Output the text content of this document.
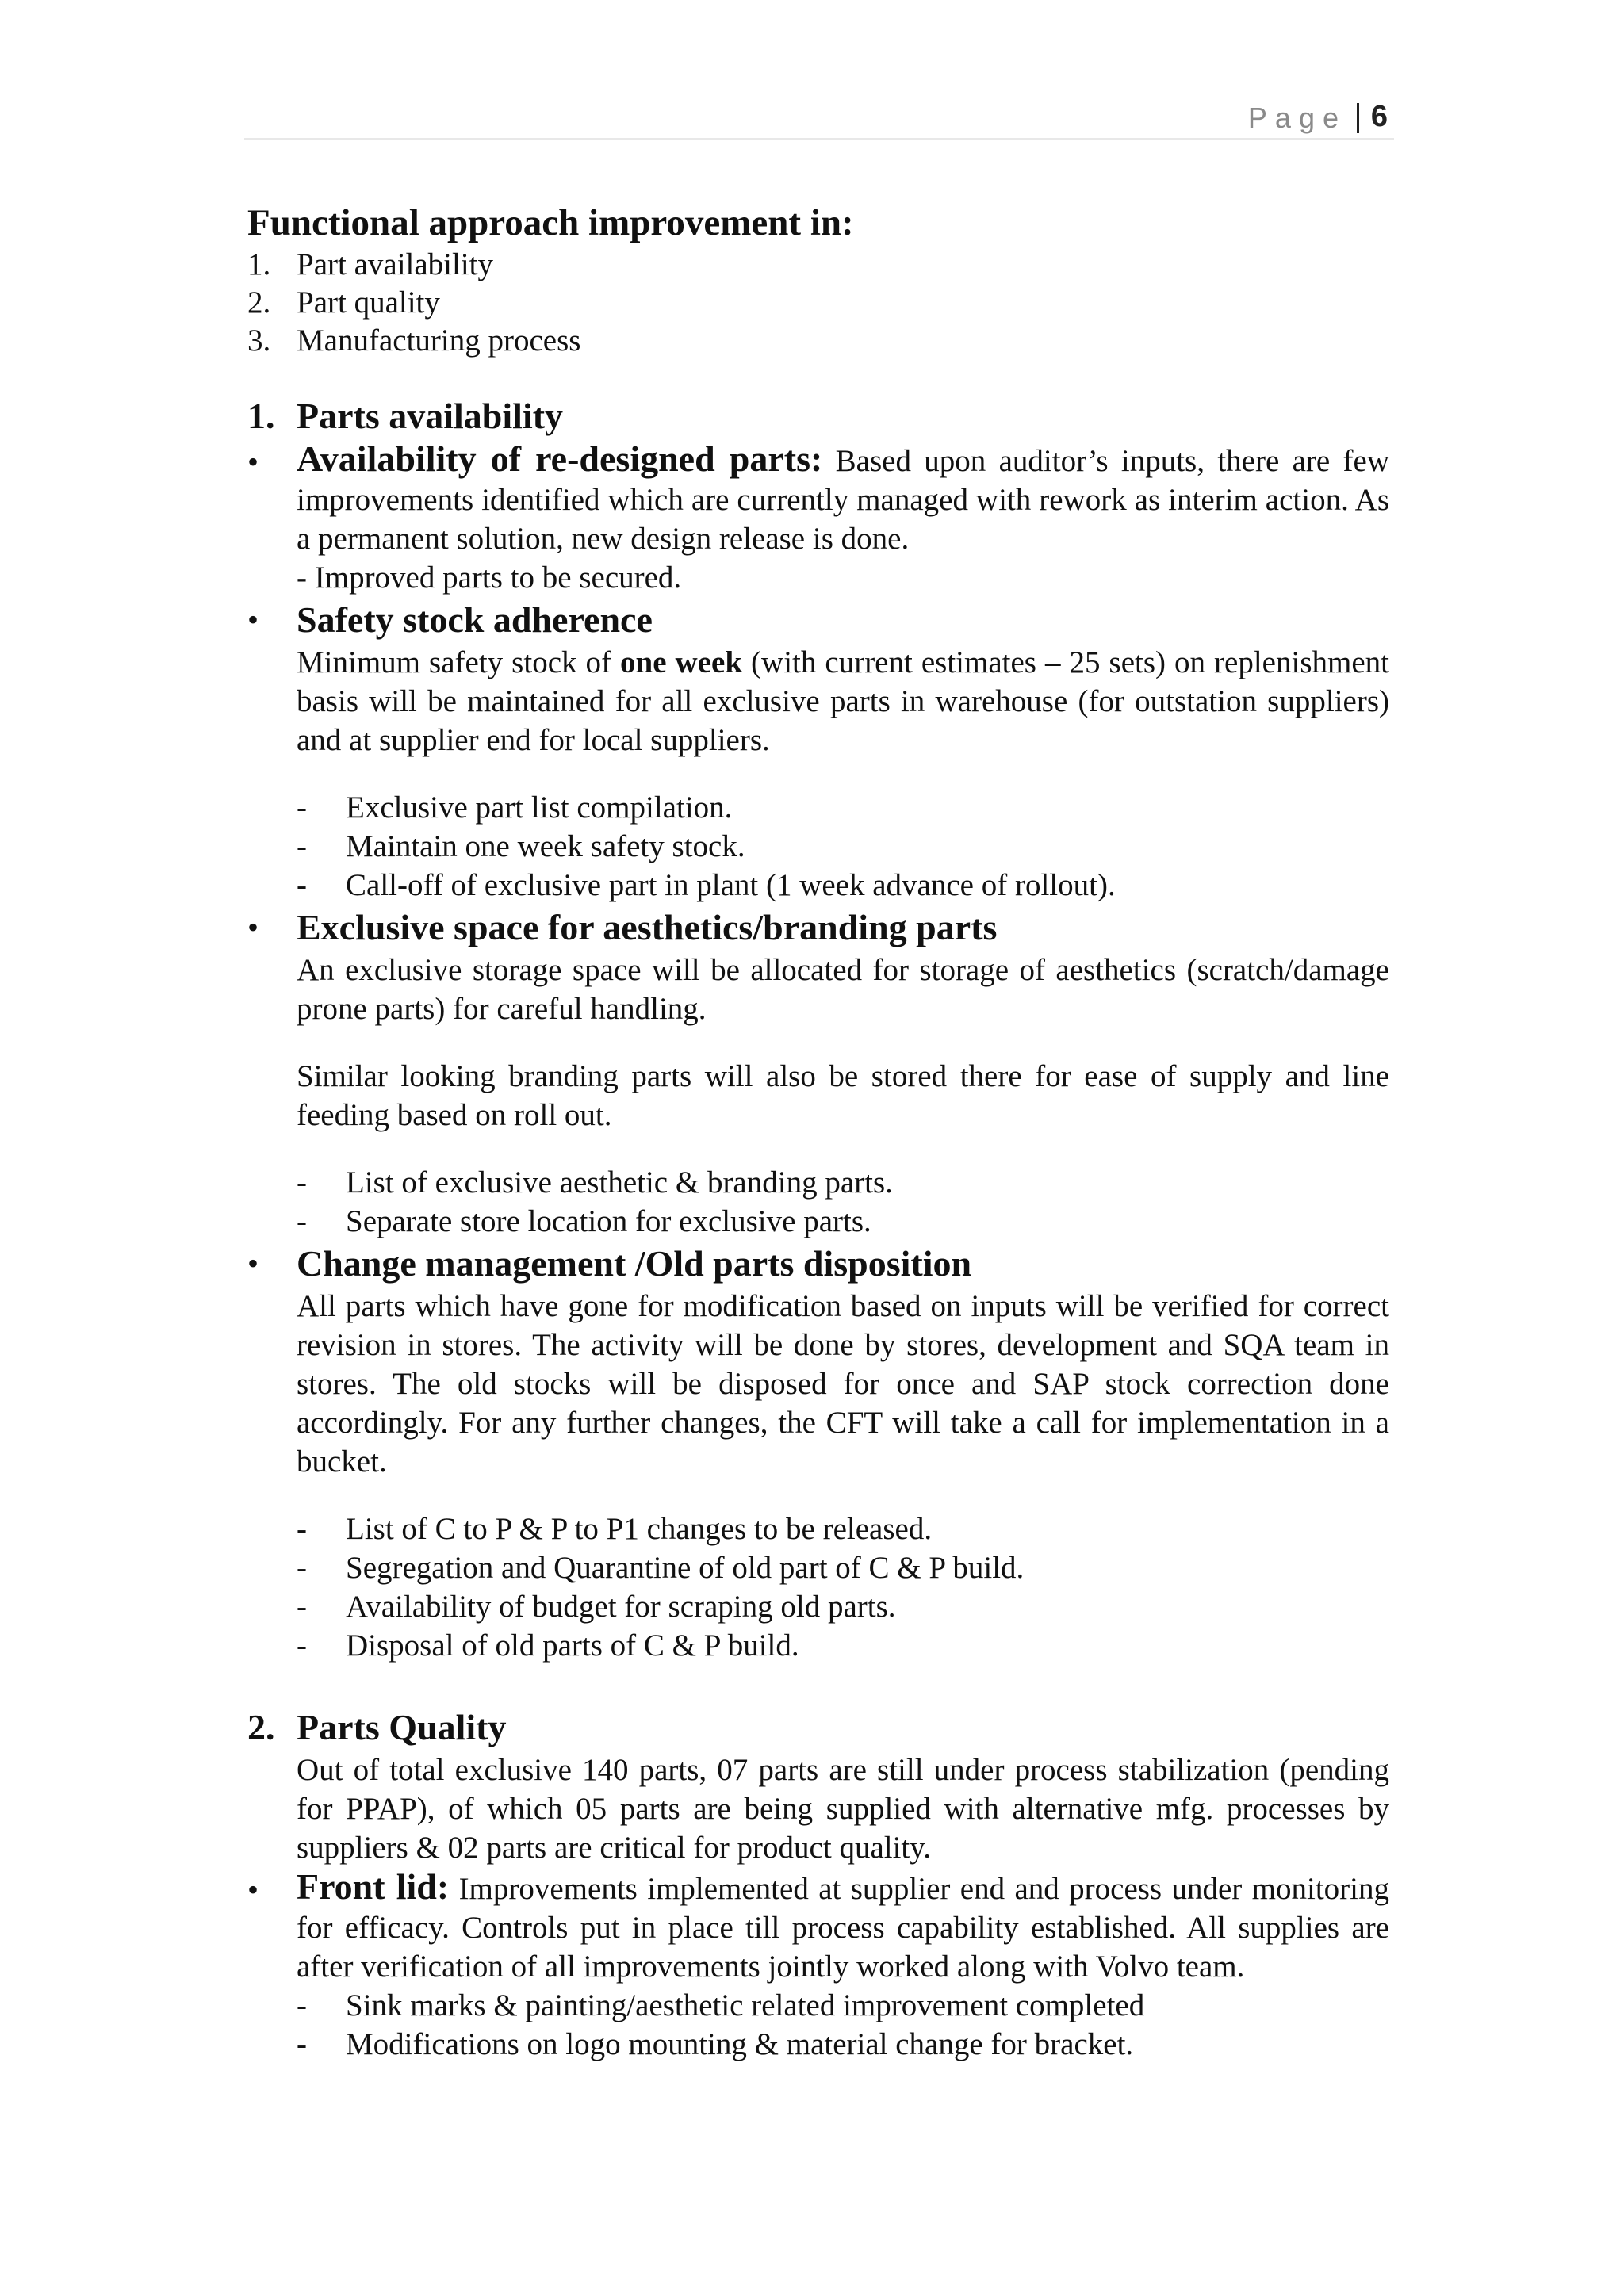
Page 6

Functional approach improvement in:

1. Part availability
2. Part quality
3. Manufacturing process

1. Parts availability

• Availability of re-designed parts: Based upon auditor’s inputs, there are few improvements identified which are currently managed with rework as interim action. As a permanent solution, new design release is done.

- Improved parts to be secured.

• Safety stock adherence

Minimum safety stock of one week (with current estimates – 25 sets) on replenishment basis will be maintained for all exclusive parts in warehouse (for outstation suppliers) and at supplier end for local suppliers.

- Exclusive part list compilation.
- Maintain one week safety stock.
- Call-off of exclusive part in plant (1 week advance of rollout).
• Exclusive space for aesthetics/branding parts

An exclusive storage space will be allocated for storage of aesthetics (scratch/damage prone parts) for careful handling.

Similar looking branding parts will also be stored there for ease of supply and line feeding based on roll out.

- List of exclusive aesthetic & branding parts.
- Separate store location for exclusive parts.
• Change management /Old parts disposition

All parts which have gone for modification based on inputs will be verified for correct revision in stores. The activity will be done by stores, development and SQA team in stores. The old stocks will be disposed for once and SAP stock correction done accordingly. For any further changes, the CFT will take a call for implementation in a bucket.

- List of C to P & P to P1 changes to be released.
- Segregation and Quarantine of old part of C & P build.
- Availability of budget for scraping old parts.
- Disposal of old parts of C & P build.

2. Parts Quality

Out of total exclusive 140 parts, 07 parts are still under process stabilization (pending for PPAP), of which 05 parts are being supplied with alternative mfg. processes by suppliers & 02 parts are critical for product quality.

• Front lid: Improvements implemented at supplier end and process under monitoring for efficacy. Controls put in place till process capability established. All supplies are after verification of all improvements jointly worked along with Volvo team.

- Sink marks & painting/aesthetic related improvement completed
- Modifications on logo mounting & material change for bracket.
